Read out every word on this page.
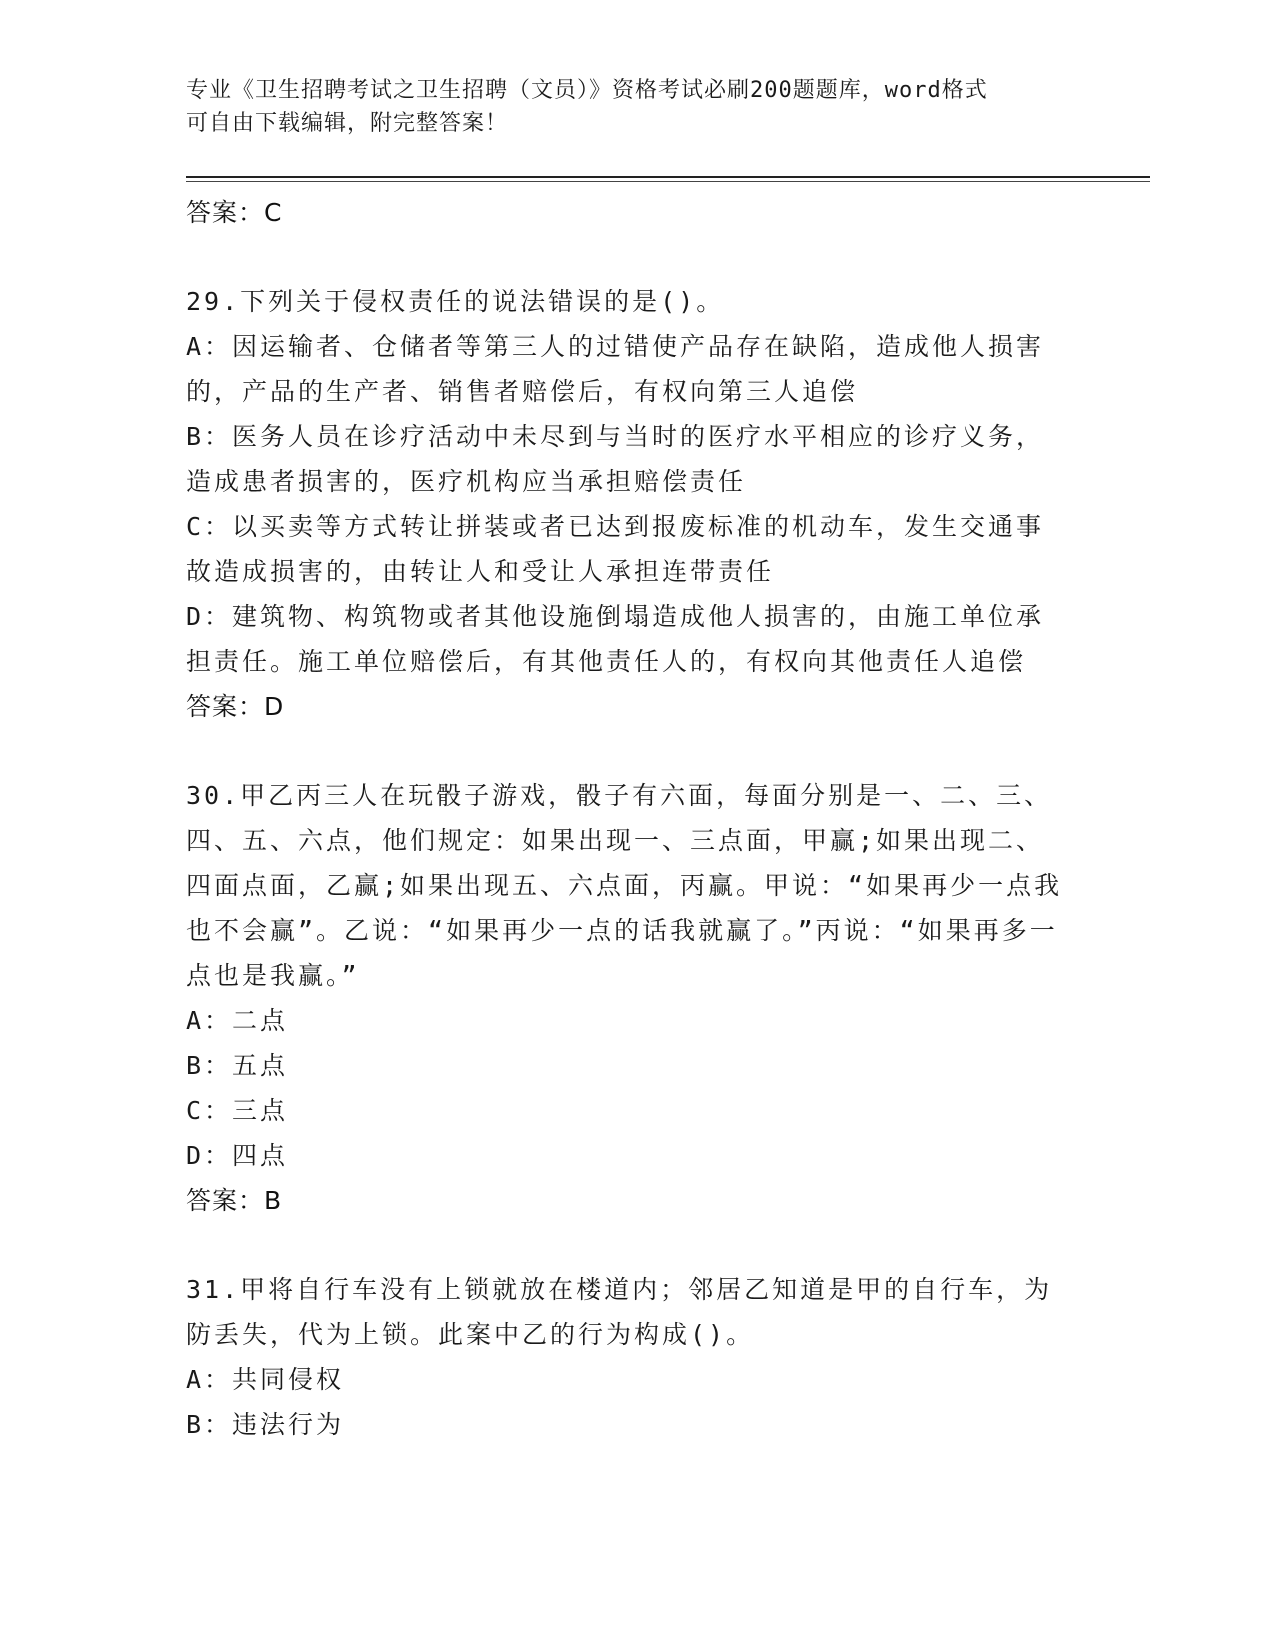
专业《卫生招聘考试之卫生招聘（文员）》资格考试必刷200题题库，word格式
可自由下载编辑，附完整答案！
答案：C
29.下列关于侵权责任的说法错误的是()。
A：因运输者、仓储者等第三人的过错使产品存在缺陷，造成他人损害的，产品的生产者、销售者赔偿后，有权向第三人追偿
B：医务人员在诊疗活动中未尽到与当时的医疗水平相应的诊疗义务，造成患者损害的，医疗机构应当承担赔偿责任
C：以买卖等方式转让拼装或者已达到报废标准的机动车，发生交通事故造成损害的，由转让人和受让人承担连带责任
D：建筑物、构筑物或者其他设施倒塌造成他人损害的，由施工单位承担责任。施工单位赔偿后，有其他责任人的，有权向其他责任人追偿
答案：D
30.甲乙丙三人在玩骰子游戏，骰子有六面，每面分别是一、二、三、四、五、六点，他们规定：如果出现一、三点面，甲赢;如果出现二、四面点面，乙赢;如果出现五、六点面，丙赢。甲说：“如果再少一点我也不会赢”。乙说：“如果再少一点的话我就赢了。”丙说：“如果再多一点也是我赢。”
A：二点
B：五点
C：三点
D：四点
答案：B
31.甲将自行车没有上锁就放在楼道内；邻居乙知道是甲的自行车，为防丢失，代为上锁。此案中乙的行为构成()。
A：共同侵权
B：违法行为
